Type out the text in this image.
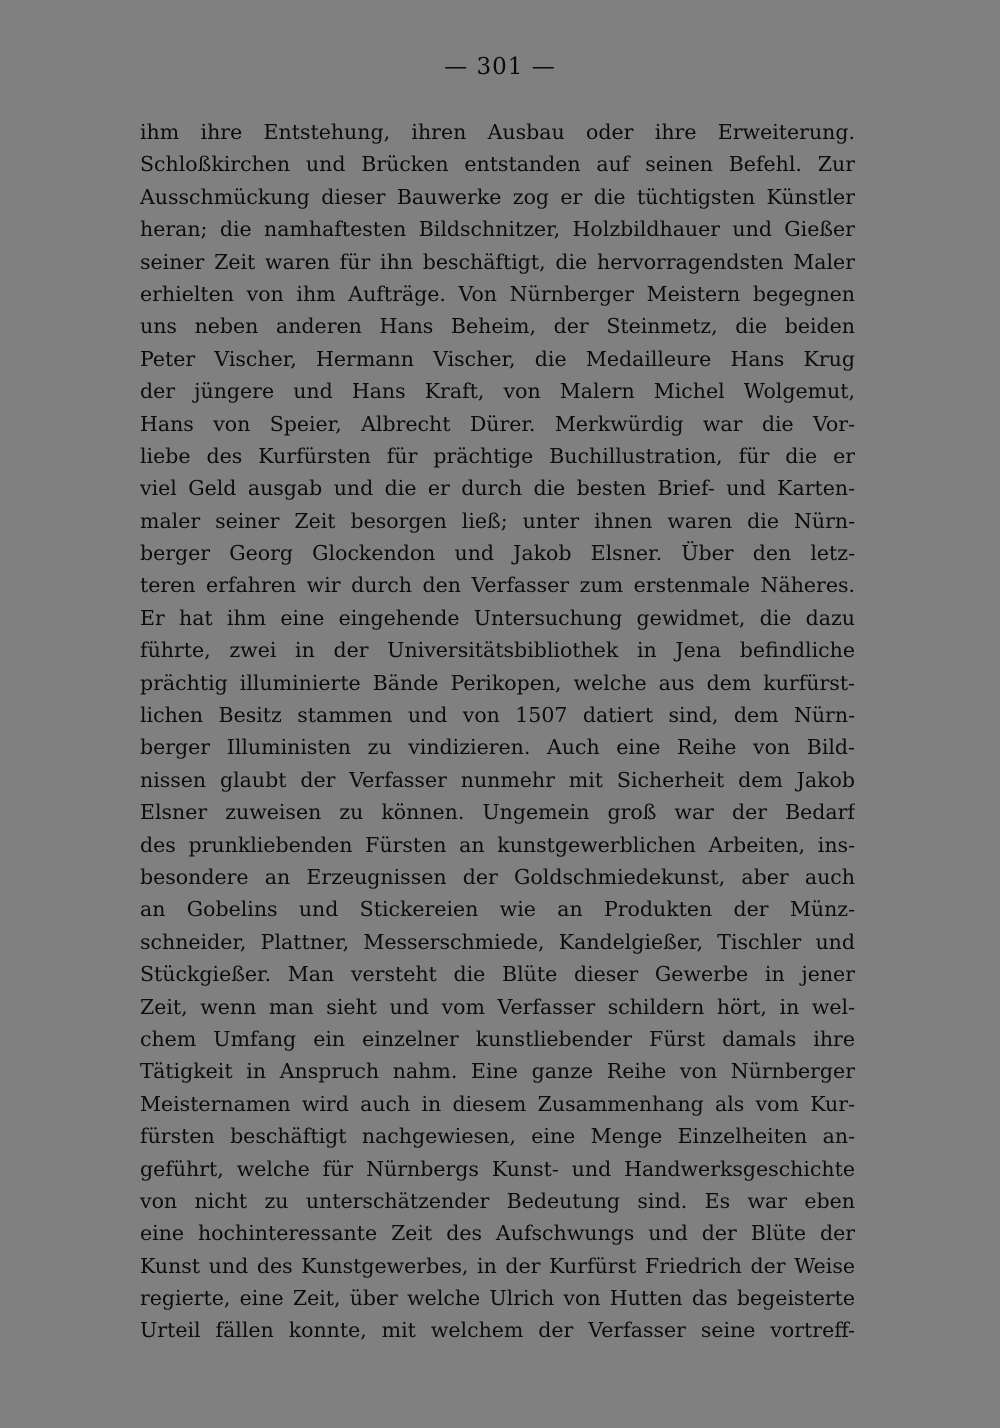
— 301 —
ihm ihre Entstehung, ihren Ausbau oder ihre Erweiterung.
Schloßkirchen und Brücken entstanden auf seinen Befehl. Zur
Ausschmückung dieser Bauwerke zog er die tüchtigsten Künstler
heran; die namhaftesten Bildschnitzer, Holzbildhauer und Gießer
seiner Zeit waren für ihn beschäftigt, die hervorragendsten Maler
erhielten von ihm Aufträge. Von Nürnberger Meistern begegnen
uns neben anderen Hans Beheim, der Steinmetz, die beiden
Peter Vischer, Hermann Vischer, die Medailleure Hans Krug
der jüngere und Hans Kraft, von Malern Michel Wolgemut,
Hans von Speier, Albrecht Dürer. Merkwürdig war die Vor-
liebe des Kurfürsten für prächtige Buchillustration, für die er
viel Geld ausgab und die er durch die besten Brief- und Karten-
maler seiner Zeit besorgen ließ; unter ihnen waren die Nürn-
berger Georg Glockendon und Jakob Elsner. Über den letz-
teren erfahren wir durch den Verfasser zum erstenmale Näheres.
Er hat ihm eine eingehende Untersuchung gewidmet, die dazu
führte, zwei in der Universitätsbibliothek in Jena befindliche
prächtig illuminierte Bände Perikopen, welche aus dem kurfürst-
lichen Besitz stammen und von 1507 datiert sind, dem Nürn-
berger Illuministen zu vindizieren. Auch eine Reihe von Bild-
nissen glaubt der Verfasser nunmehr mit Sicherheit dem Jakob
Elsner zuweisen zu können. Ungemein groß war der Bedarf
des prunkliebenden Fürsten an kunstgewerblichen Arbeiten, ins-
besondere an Erzeugnissen der Goldschmiedekunst, aber auch
an Gobelins und Stickereien wie an Produkten der Münz-
schneider, Plattner, Messerschmiede, Kandelgießer, Tischler und
Stückgießer. Man versteht die Blüte dieser Gewerbe in jener
Zeit, wenn man sieht und vom Verfasser schildern hört, in wel-
chem Umfang ein einzelner kunstliebender Fürst damals ihre
Tätigkeit in Anspruch nahm. Eine ganze Reihe von Nürnberger
Meisternamen wird auch in diesem Zusammenhang als vom Kur-
fürsten beschäftigt nachgewiesen, eine Menge Einzelheiten an-
geführt, welche für Nürnbergs Kunst- und Handwerksgeschichte
von nicht zu unterschätzender Bedeutung sind. Es war eben
eine hochinteressante Zeit des Aufschwungs und der Blüte der
Kunst und des Kunstgewerbes, in der Kurfürst Friedrich der Weise
regierte, eine Zeit, über welche Ulrich von Hutten das begeisterte
Urteil fällen konnte, mit welchem der Verfasser seine vortreff-
